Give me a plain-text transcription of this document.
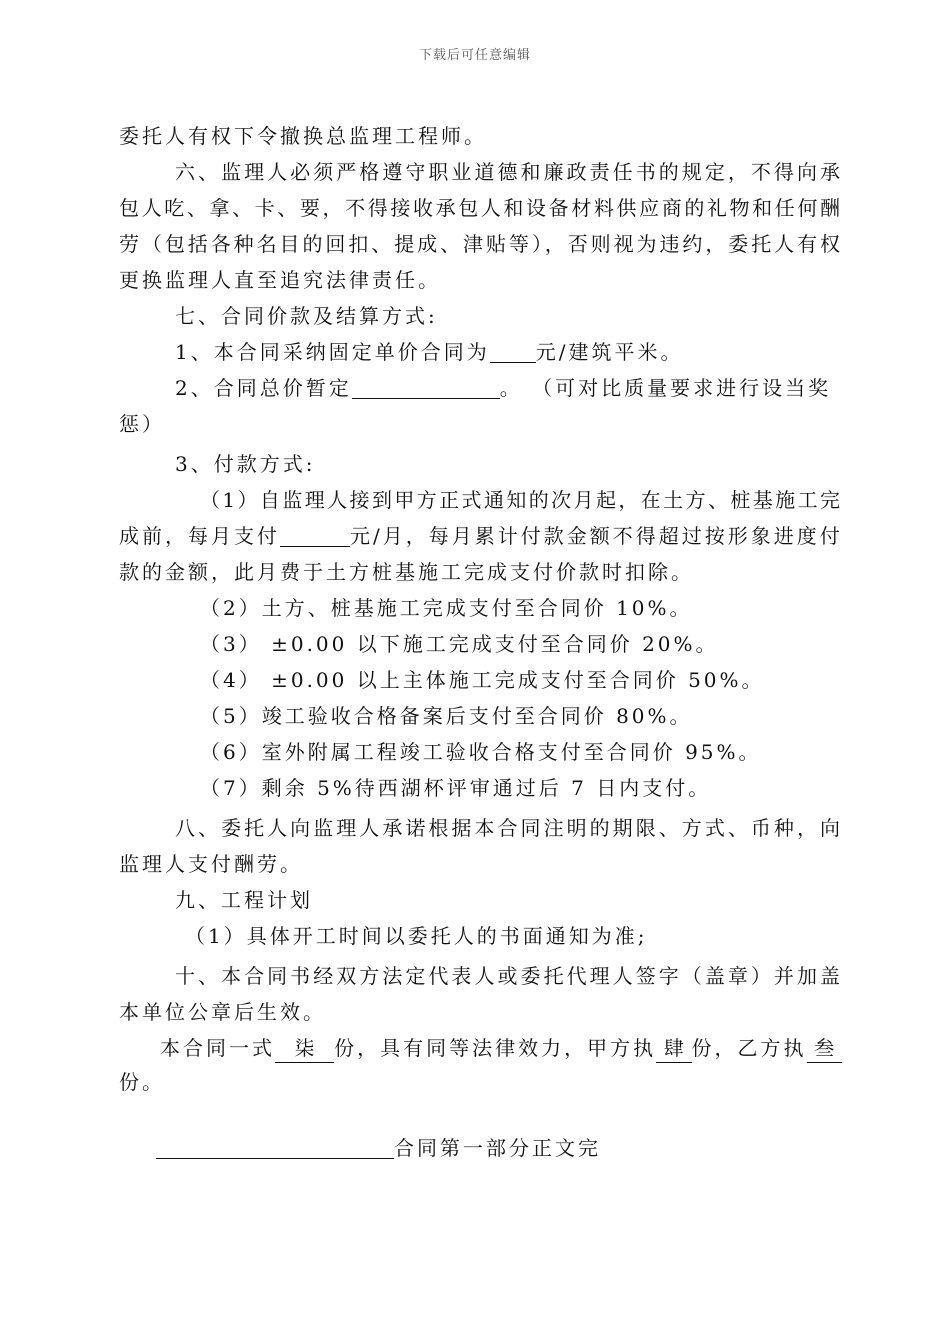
下载后可任意编辑
委托人有权下令撤换总监理工程师。
六、监理人必须严格遵守职业道德和廉政责任书的规定，不得向承
包人吃、拿、卡、要，不得接收承包人和设备材料供应商的礼物和任何酬
劳（包括各种名目的回扣、提成、津贴等），否则视为违约，委托人有权
更换监理人直至追究法律责任。
七、合同价款及结算方式:
1、本合同采纳固定单价合同为 元/建筑平米。
2、合同总价暂定	。 （可对比质量要求进行设当奖
惩）
3、付款方式:
（1）自监理人接到甲方正式通知的次月起，在土方、桩基施工完
成前，每月支付	元/月，每月累计付款金额不得超过按形象进度付
款的金额，此月费于土方桩基施工完成支付价款时扣除。
（2）土方、桩基施工完成支付至合同价 10%。
（3） ±0.00 以下施工完成支付至合同价 20%。
（4） ±0.00 以上主体施工完成支付至合同价 50%。
（5）竣工验收合格备案后支付至合同价 80%。
（6）室外附属工程竣工验收合格支付至合同价 95%。
（7）剩余 5%待西湖杯评审通过后 7 日内支付。
八、委托人向监理人承诺根据本合同注明的期限、方式、币种，向
监理人支付酬劳。
九、工程计划
（1）具体开工时间以委托人的书面通知为准;
十、本合同书经双方法定代表人或委托代理人签字（盖章）并加盖
本单位公章后生效。
本合同一式 柒 份，具有同等法律效力，甲方执 肆 份，乙方执 叁
份。
合同第一部分正文完
